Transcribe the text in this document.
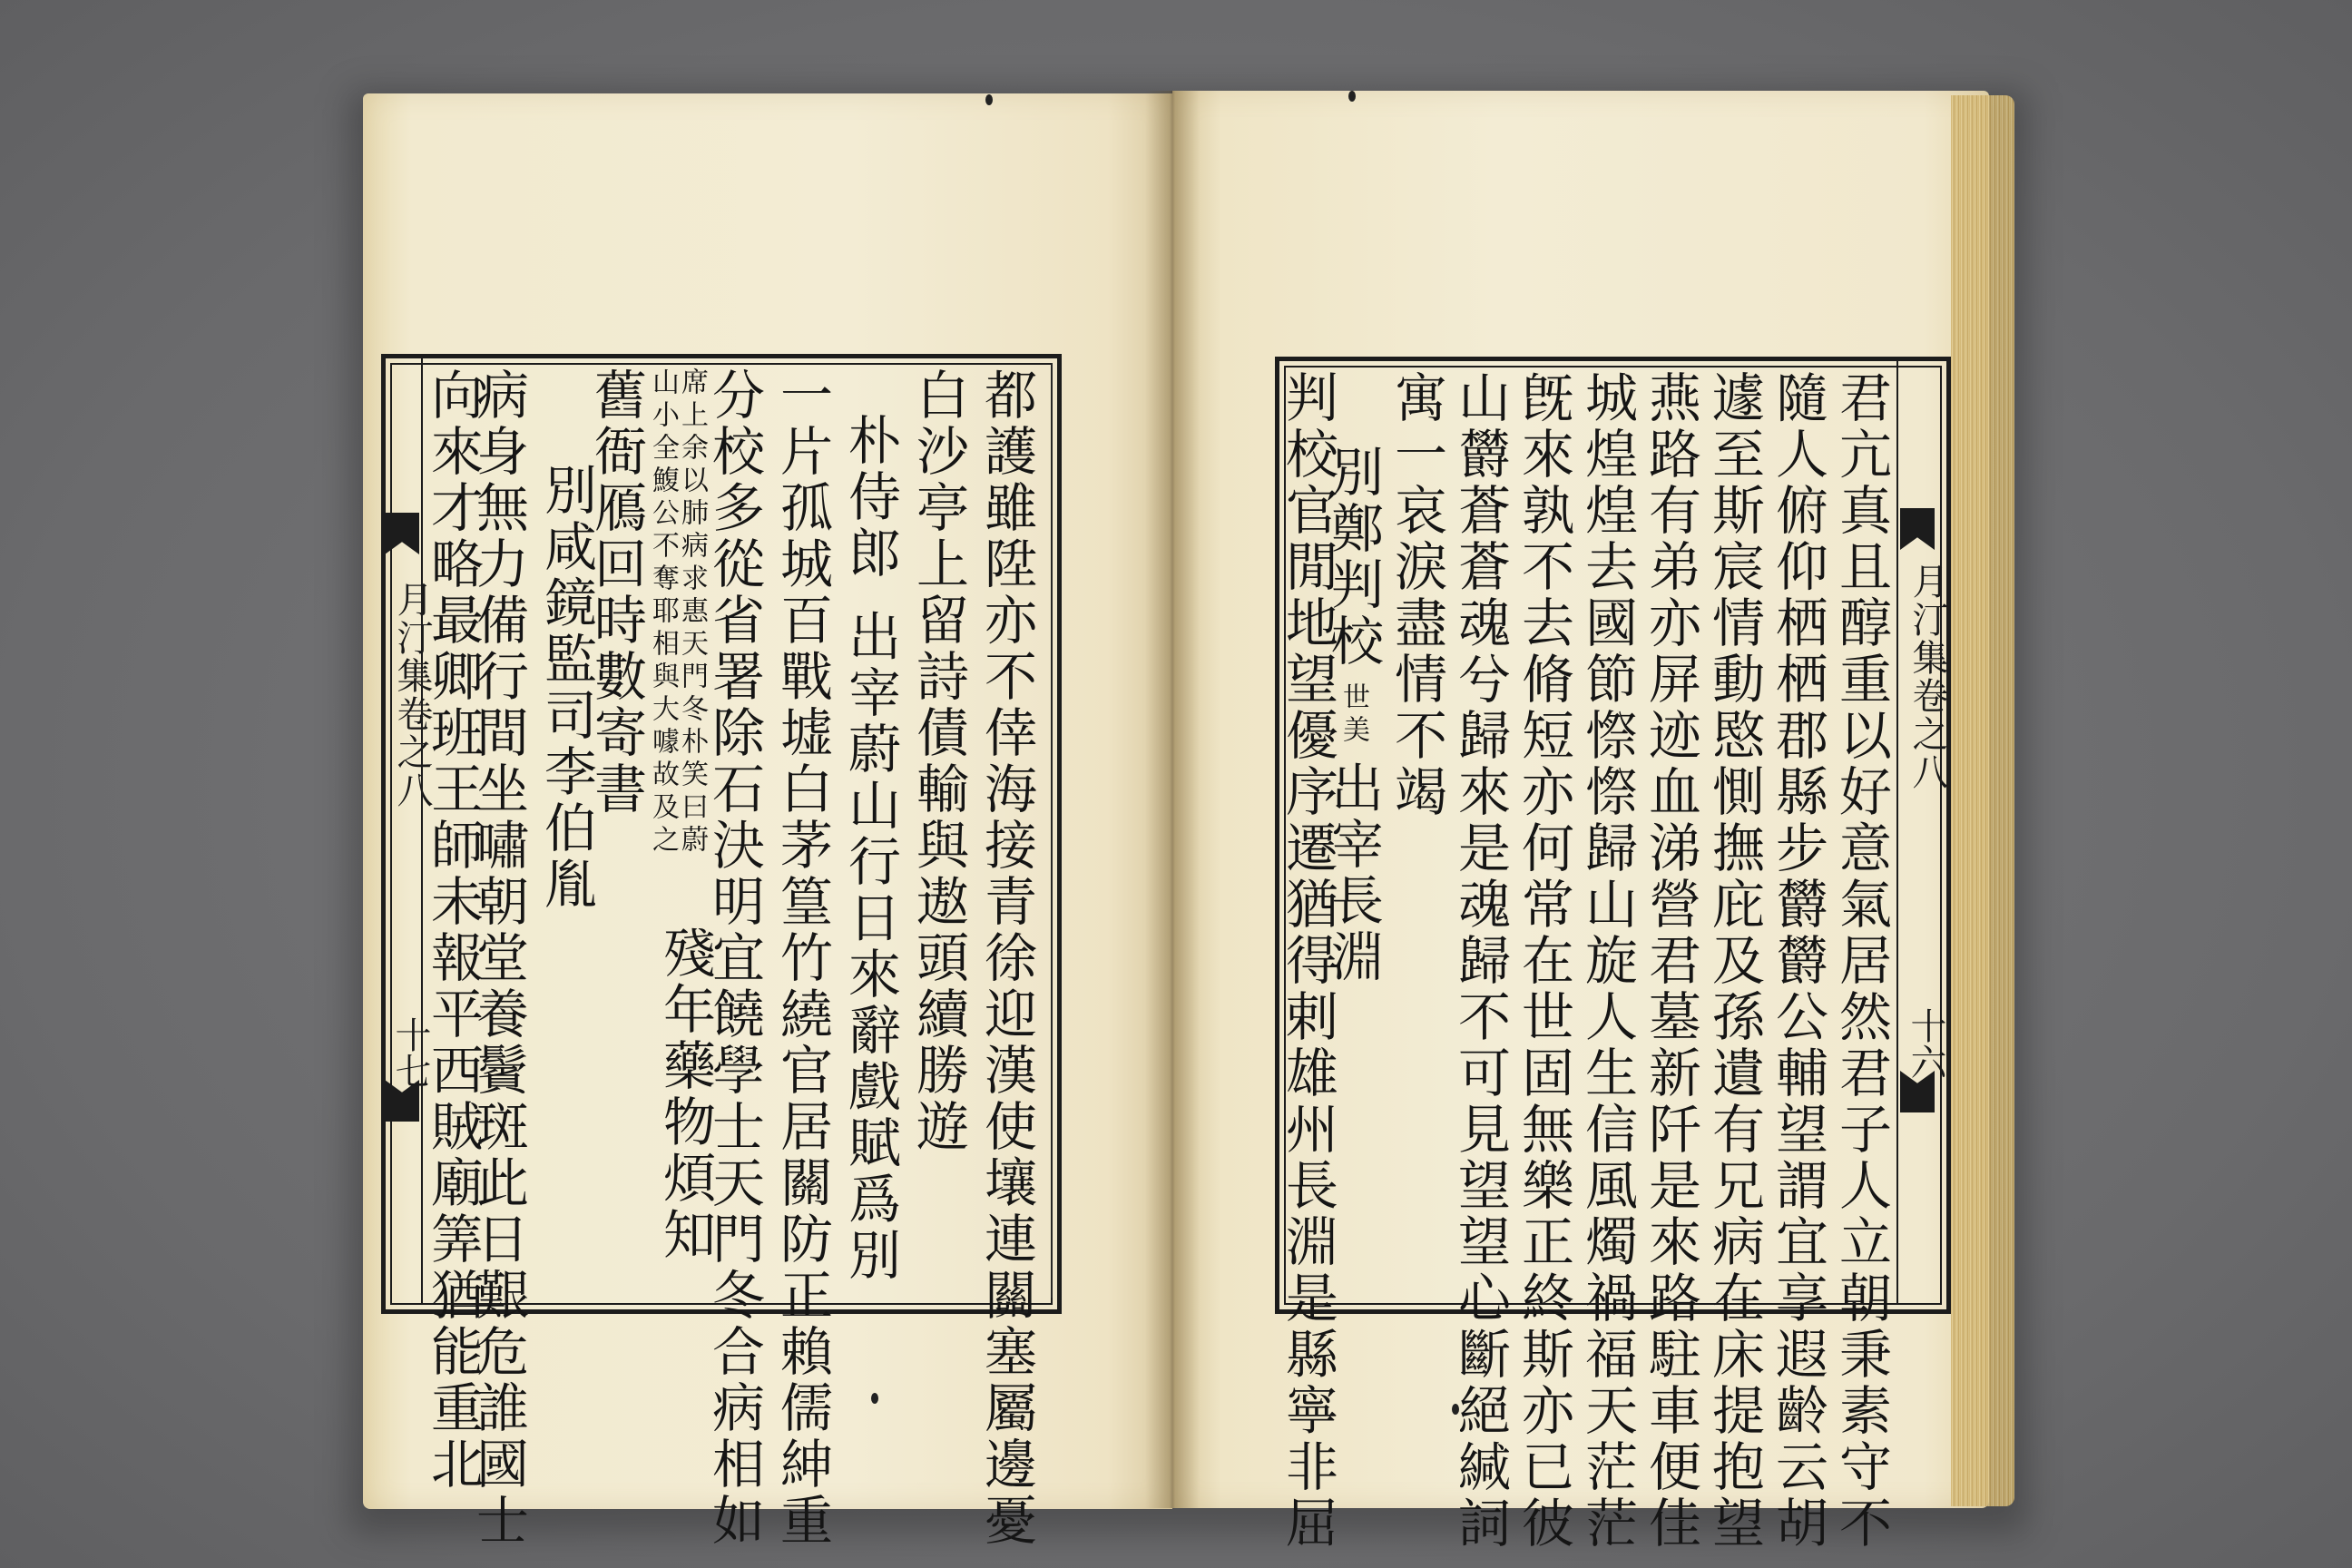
月汀集卷之八
十七	都護雖陞亦不倖海接青徐迎漢使壤連關塞屬邊憂
白沙亭上留詩債輸與遨頭續勝遊
朴侍郎出宰蔚山行日來辭戲賦爲別
一片孤城百戰墟白茅篁竹繞官居關防正賴儒紳重
分校多從省署除石決明宜饒學士天門冬合病相如
席上余以肺病求惠天門冬朴笑曰蔚
山小全鰒公不奪耶相與大噱故及之
殘年藥物煩知
舊衙鴈回時數寄書
別咸鏡監司李伯胤
病身無力備行間坐嘯朝堂養鬢斑此日艱危誰國士
向來才略最卿班王師未報平西賊廟筭猶能重北	月汀集卷之八
十六
君亢真且醇重以好意氣居然君子人立朝秉素守不
隨人俯仰栖栖郡縣步欝欝公輔望謂宜享遐齡云胡
遽至斯宸情動愍惻撫庇及孫遺有兄病在床提抱望
燕路有弟亦屏迹血涕營君墓新阡是來路駐車便佳
城煌煌去國節憏憏歸山旋人生信風燭禍福天茫茫
旣來孰不去脩短亦何常在世固無樂正終斯亦已彼
山欝蒼蒼魂兮歸來是魂歸不可見望望心斷絕緘詞
寓一哀淚盡情不竭
別鄭判校世美出宰長淵
判校官閒地望優序遷猶得剌雄州長淵是縣寧非屈
